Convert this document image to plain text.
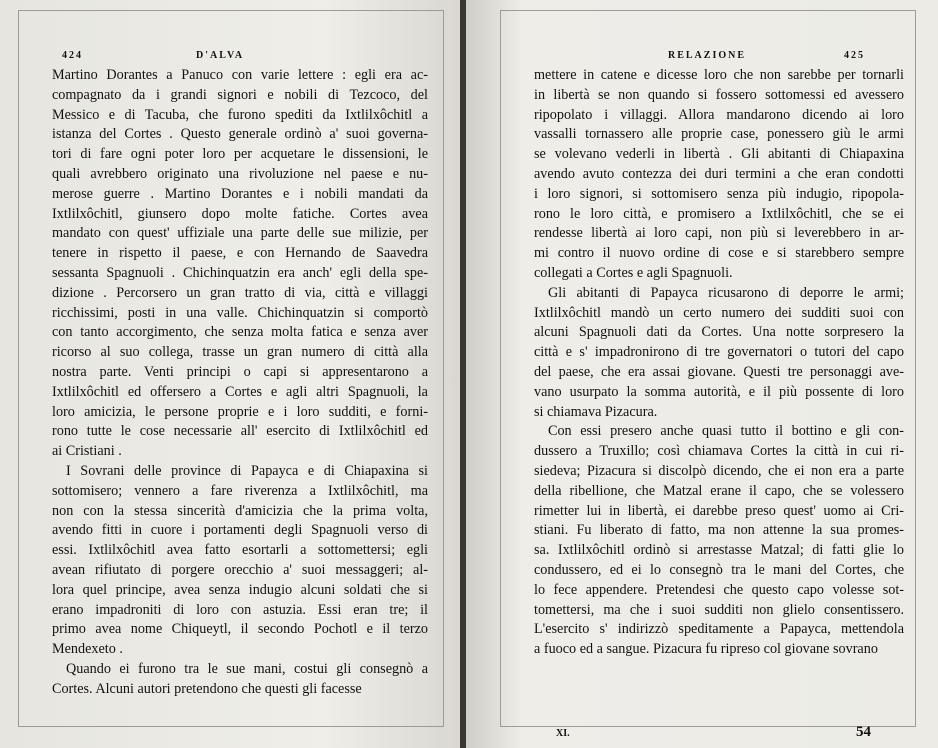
424	D'ALVA
Martino Dorantes a Panuco con varie lettere : egli era ac-
compagnato da i grandi signori e nobili di Tezcoco, del
Messico e di Tacuba, che furono spediti da Ixtlilxôchitl a
istanza del Cortes . Questo generale ordinò a' suoi governa-
tori di fare ogni poter loro per acquetare le dissensioni, le
quali avrebbero originato una rivoluzione nel paese e nu-
merose guerre . Martino Dorantes e i nobili mandati da
Ixtlilxôchitl, giunsero dopo molte fatiche. Cortes avea
mandato con quest' uffiziale una parte delle sue milizie, per
tenere in rispetto il paese, e con Hernando de Saavedra
sessanta Spagnuoli . Chichinquatzin era anch' egli della spe-
dizione . Percorsero un gran tratto di via, città e villaggi
ricchissimi, posti in una valle. Chichinquatzin si comportò
con tanto accorgimento, che senza molta fatica e senza aver
ricorso al suo collega, trasse un gran numero di città alla
nostra parte. Venti principi o capi si appresentarono a
Ixtlilxôchitl ed offersero a Cortes e agli altri Spagnuoli, la
loro amicizia, le persone proprie e i loro sudditi, e forni-
rono tutte le cose necessarie all' esercito di Ixtlilxôchitl ed
ai Cristiani .
I Sovrani delle province di Papayca e di Chiapaxina si
sottomisero; vennero a fare riverenza a Ixtlilxôchitl, ma
non con la stessa sincerità d'amicizia che la prima volta,
avendo fitti in cuore i portamenti degli Spagnuoli verso di
essi. Ixtlilxôchitl avea fatto esortarli a sottomettersi; egli
avean rifiutato di porgere orecchio a' suoi messaggeri; al-
lora quel principe, avea senza indugio alcuni soldati che si
erano impadroniti di loro con astuzia. Essi eran tre; il
primo avea nome Chiqueytl, il secondo Pochotl e il terzo
Mendexeto .
Quando ei furono tra le sue mani, costui gli consegnò a
Cortes. Alcuni autori pretendono che questi gli facesse
RELAZIONE	425
mettere in catene e dicesse loro che non sarebbe per tornarli
in libertà se non quando si fossero sottomessi ed avessero
ripopolato i villaggi. Allora mandarono dicendo ai loro
vassalli tornassero alle proprie case, ponessero giù le armi
se volevano vederli in libertà . Gli abitanti di Chiapaxina
avendo avuto contezza dei duri termini a che eran condotti
i loro signori, si sottomisero senza più indugio, ripopola-
rono le loro città, e promisero a Ixtlilxôchitl, che se ei
rendesse libertà ai loro capi, non più si leverebbero in ar-
mi contro il nuovo ordine di cose e si starebbero sempre
collegati a Cortes e agli Spagnuoli.
Gli abitanti di Papayca ricusarono di deporre le armi;
Ixtlilxôchitl mandò un certo numero dei sudditi suoi con
alcuni Spagnuoli dati da Cortes. Una notte sorpresero la
città e s' impadronirono di tre governatori o tutori del capo
del paese, che era assai giovane. Questi tre personaggi ave-
vano usurpato la somma autorità, e il più possente di loro
si chiamava Pizacura.
Con essi presero anche quasi tutto il bottino e gli con-
dussero a Truxillo; così chiamava Cortes la città in cui ri-
siedeva; Pizacura si discolpò dicendo, che ei non era a parte
della ribellione, che Matzal erane il capo, che se volessero
rimetter lui in libertà, ei darebbe preso quest' uomo ai Cri-
stiani. Fu liberato di fatto, ma non attenne la sua promes-
sa. Ixtlilxôchitl ordinò si arrestasse Matzal; di fatti glie lo
condussero, ed ei lo consegnò tra le mani del Cortes, che
lo fece appendere. Pretendesi che questo capo volesse sot-
tomettersi, ma che i suoi sudditi non glielo consentissero.
L'esercito s' indirizzò speditamente a Papayca, mettendola
a fuoco ed a sangue. Pizacura fu ripreso col giovane sovrano
XI.	54
